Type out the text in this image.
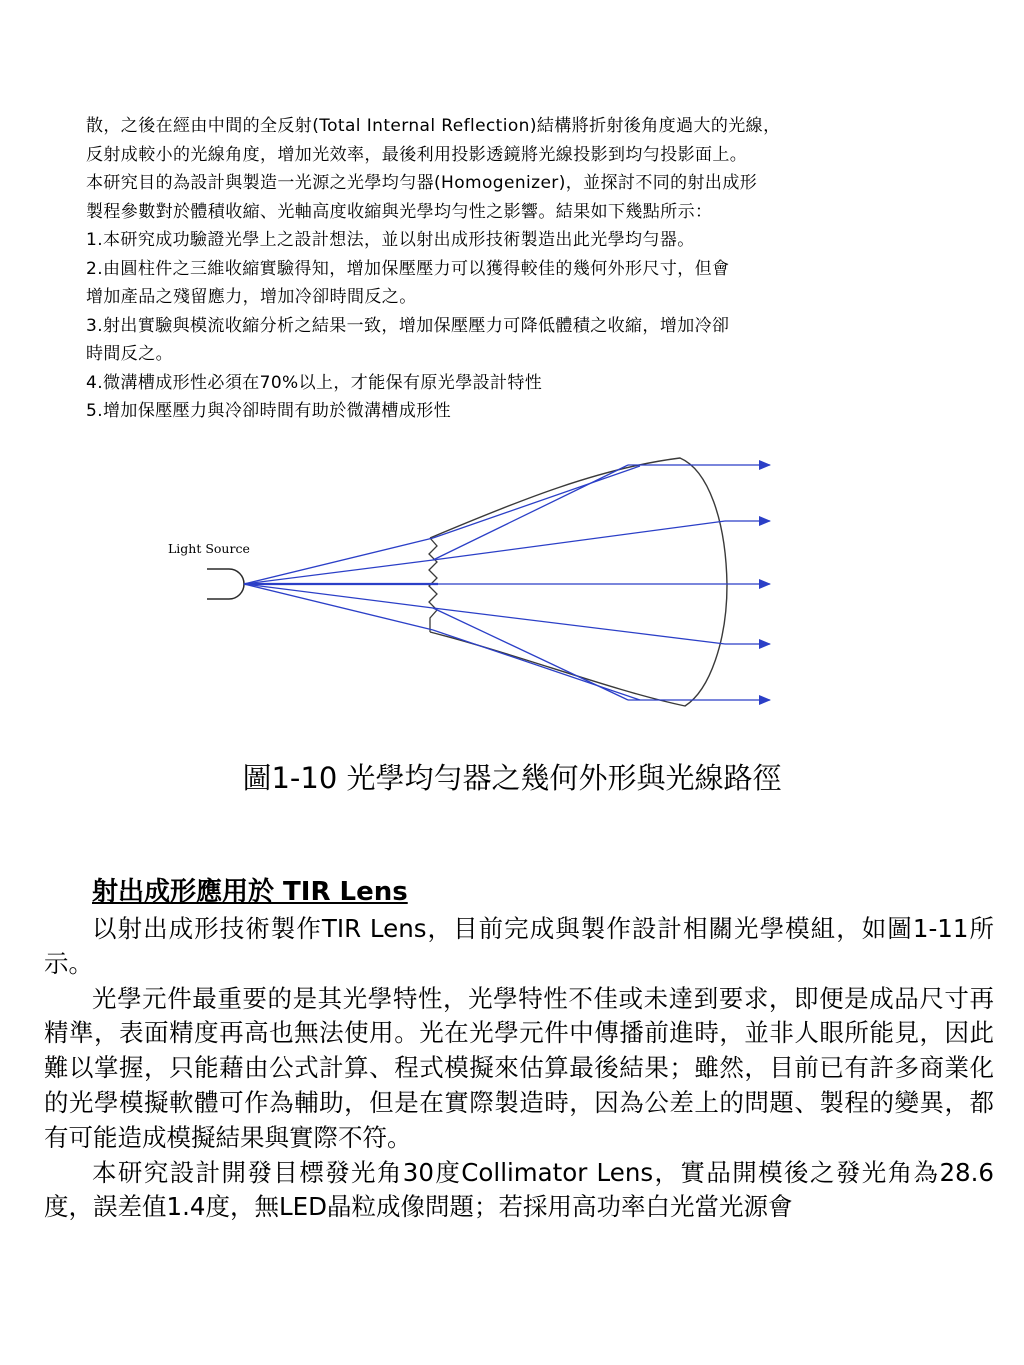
散，之後在經由中間的全反射(Total Internal Reflection)結構將折射後角度過大的光線，

反射成較小的光線角度，增加光效率，最後利用投影透鏡將光線投影到均勻投影面上。

本研究目的為設計與製造一光源之光學均勻器(Homogenizer)，並探討不同的射出成形

製程參數對於體積收縮、光軸高度收縮與光學均勻性之影響。結果如下幾點所示：

1.本研究成功驗證光學上之設計想法，並以射出成形技術製造出此光學均勻器。

2.由圓柱件之三維收縮實驗得知，增加保壓壓力可以獲得較佳的幾何外形尺寸，但會

增加產品之殘留應力，增加冷卻時間反之。

3.射出實驗與模流收縮分析之結果一致，增加保壓壓力可降低體積之收縮，增加冷卻

時間反之。

4.微溝槽成形性必須在70%以上，才能保有原光學設計特性

5.增加保壓壓力與冷卻時間有助於微溝槽成形性

Light Source
圖1-10 光學均勻器之幾何外形與光線路徑
射出成形應用於 TIR Lens

以射出成形技術製作TIR Lens，目前完成與製作設計相關光學模組，如圖1-11所示。

光學元件最重要的是其光學特性，光學特性不佳或未達到要求，即便是成品尺寸再精準，表面精度再高也無法使用。光在光學元件中傳播前進時，並非人眼所能見，因此難以掌握，只能藉由公式計算、程式模擬來估算最後結果；雖然，目前已有許多商業化的光學模擬軟體可作為輔助，但是在實際製造時，因為公差上的問題、製程的變異，都有可能造成模擬結果與實際不符。

本研究設計開發目標發光角30度Collimator Lens，實品開模後之發光角為28.6度，誤差值1.4度，無LED晶粒成像問題；若採用高功率白光當光源會
